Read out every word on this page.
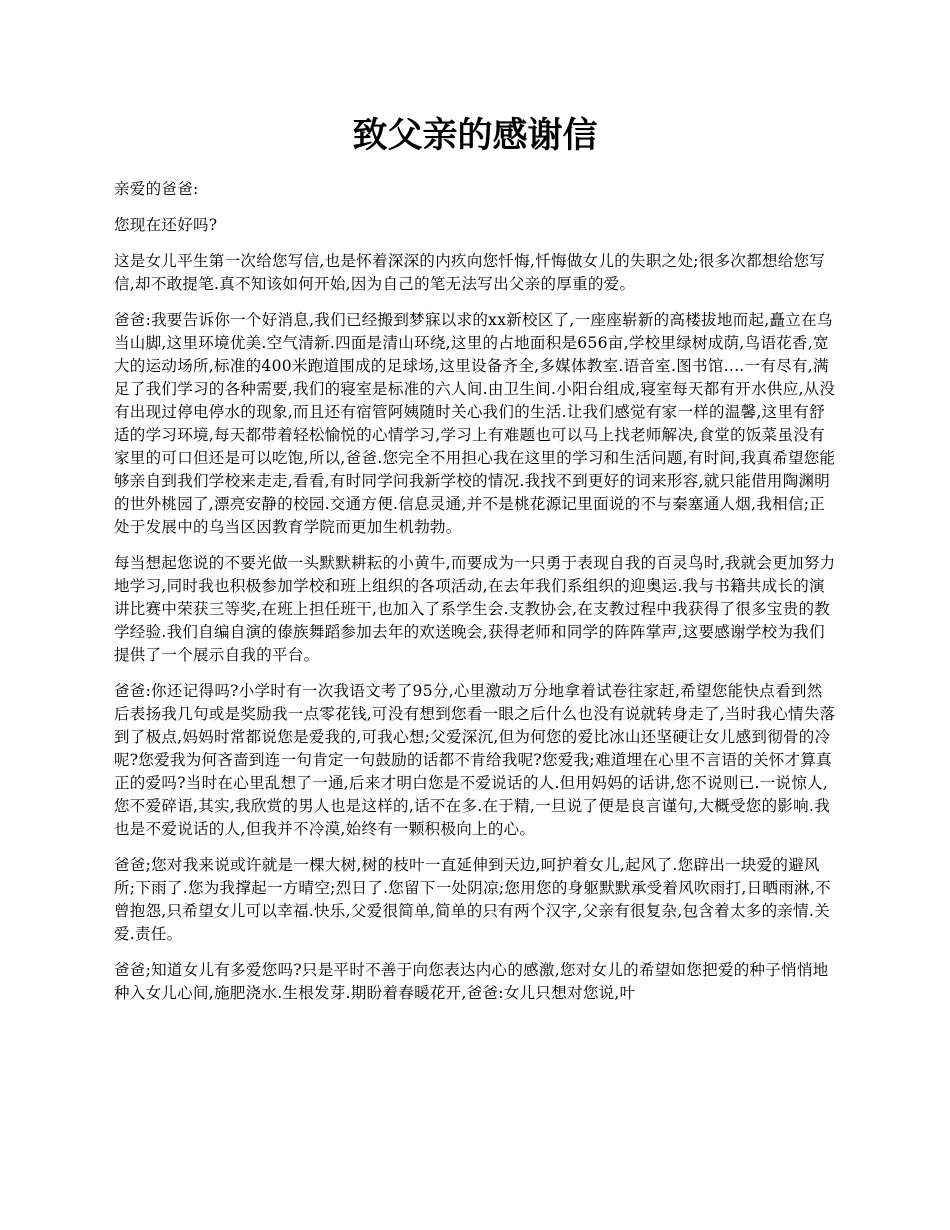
致父亲的感谢信

亲爱的爸爸:

您现在还好吗?

这是女儿平生第一次给您写信,也是怀着深深的内疚向您忏悔,忏悔做女儿的失职之处;很多次都想给您写信,却不敢提笔.真不知该如何开始,因为自己的笔无法写出父亲的厚重的爱。

爸爸:我要告诉你一个好消息,我们已经搬到梦寐以求的xx新校区了,一座座崭新的高楼拔地而起,矗立在乌当山脚,这里环境优美.空气清新.四面是清山环绕,这里的占地面积是656亩,学校里绿树成荫,鸟语花香,宽大的运动场所,标准的400米跑道围成的足球场,这里设备齐全,多媒体教室.语音室.图书馆....一有尽有,满足了我们学习的各种需要,我们的寝室是标准的六人间.由卫生间.小阳台组成,寝室每天都有开水供应,从没有出现过停电停水的现象,而且还有宿管阿姨随时关心我们的生活.让我们感觉有家一样的温馨,这里有舒适的学习环境,每天都带着轻松愉悦的心情学习,学习上有难题也可以马上找老师解决,食堂的饭菜虽没有家里的可口但还是可以吃饱,所以,爸爸.您完全不用担心我在这里的学习和生活问题,有时间,我真希望您能够亲自到我们学校来走走,看看,有时同学问我新学校的情况.我找不到更好的词来形容,就只能借用陶渊明的世外桃园了,漂亮安静的校园.交通方便.信息灵通,并不是桃花源记里面说的不与秦塞通人烟,我相信;正处于发展中的乌当区因教育学院而更加生机勃勃。

每当想起您说的不要光做一头默默耕耘的小黄牛,而要成为一只勇于表现自我的百灵鸟时,我就会更加努力地学习,同时我也积极参加学校和班上组织的各项活动,在去年我们系组织的迎奥运.我与书籍共成长的演讲比赛中荣获三等奖,在班上担任班干,也加入了系学生会.支教协会,在支教过程中我获得了很多宝贵的教学经验.我们自编自演的傣族舞蹈参加去年的欢送晚会,获得老师和同学的阵阵掌声,这要感谢学校为我们提供了一个展示自我的平台。

爸爸:你还记得吗?小学时有一次我语文考了95分,心里激动万分地拿着试卷往家赶,希望您能快点看到然后表扬我几句或是奖励我一点零花钱,可没有想到您看一眼之后什么也没有说就转身走了,当时我心情失落到了极点,妈妈时常都说您是爱我的,可我心想;父爱深沉,但为何您的爱比冰山还坚硬让女儿感到彻骨的冷呢?您爱我为何吝啬到连一句肯定一句鼓励的话都不肯给我呢?您爱我;难道埋在心里不言语的关怀才算真正的爱吗?当时在心里乱想了一通,后来才明白您是不爱说话的人.但用妈妈的话讲,您不说则已.一说惊人,您不爱碎语,其实,我欣赏的男人也是这样的,话不在多.在于精,一旦说了便是良言谨句,大概受您的影响.我也是不爱说话的人,但我并不冷漠,始终有一颗积极向上的心。

爸爸;您对我来说或许就是一棵大树,树的枝叶一直延伸到天边,呵护着女儿,起风了.您辟出一块爱的避风所;下雨了.您为我撑起一方晴空;烈日了.您留下一处阴凉;您用您的身躯默默承受着风吹雨打,日晒雨淋,不曾抱怨,只希望女儿可以幸福.快乐,父爱很简单,简单的只有两个汉字,父亲有很复杂,包含着太多的亲情.关爱.责任。

爸爸;知道女儿有多爱您吗?只是平时不善于向您表达内心的感激,您对女儿的希望如您把爱的种子悄悄地种入女儿心间,施肥浇水.生根发芽.期盼着春暖花开,爸爸:女儿只想对您说,叶
